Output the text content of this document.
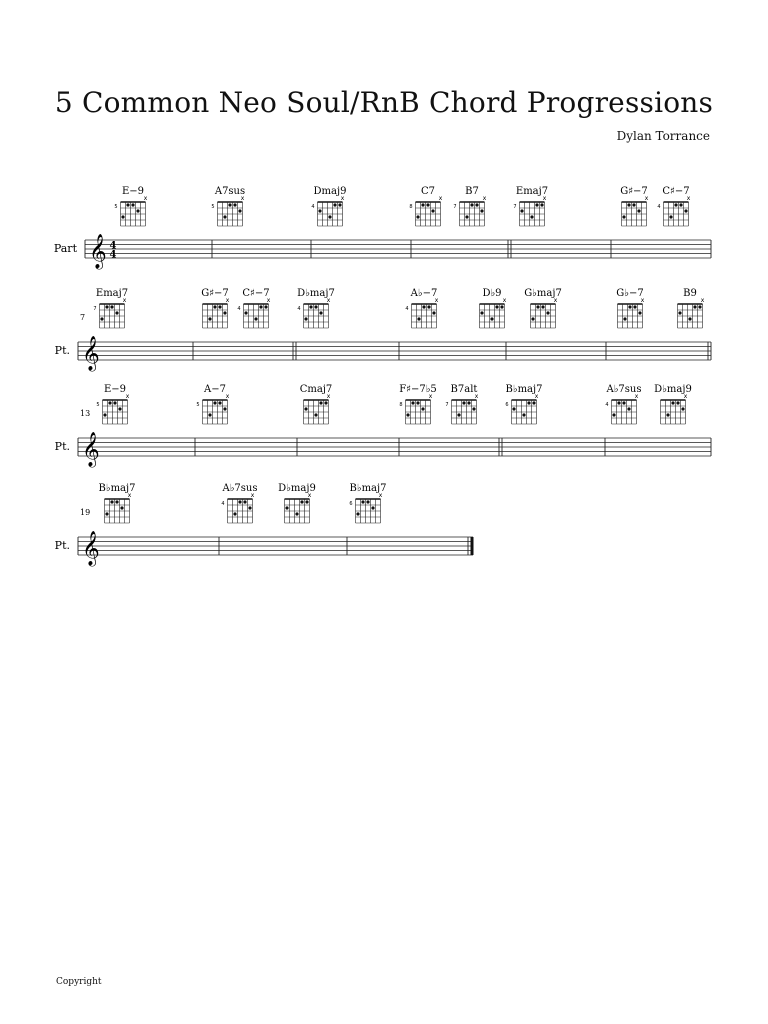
5 Common Neo Soul/RnB Chord Progressions
Dylan Torrance
Copyright
Part 𝄞 4
4
E−9
x
5
A7sus
x
5
Dmaj9
x
4
C7
x
8
B7
x
7
Emaj7
x
7
G♯−7
x
C♯−7
x
4
Pt.
7
𝄞
Emaj7
x
7
G♯−7
x
C♯−7
x
4
D♭maj7
x
4
A♭−7
x
4
D♭9
x
G♭maj7
x
G♭−7
x
B9
x
Pt.
13
𝄞
E−9
x
5
A−7
x
5
Cmaj7
x
F♯−7♭5
x
8
B7alt
x
7
B♭maj7
x
6
A♭7sus
x
4
D♭maj9
x
Pt.
19
𝄞
B♭maj7
x
A♭7sus
x
4
D♭maj9
x
B♭maj7
x
6
